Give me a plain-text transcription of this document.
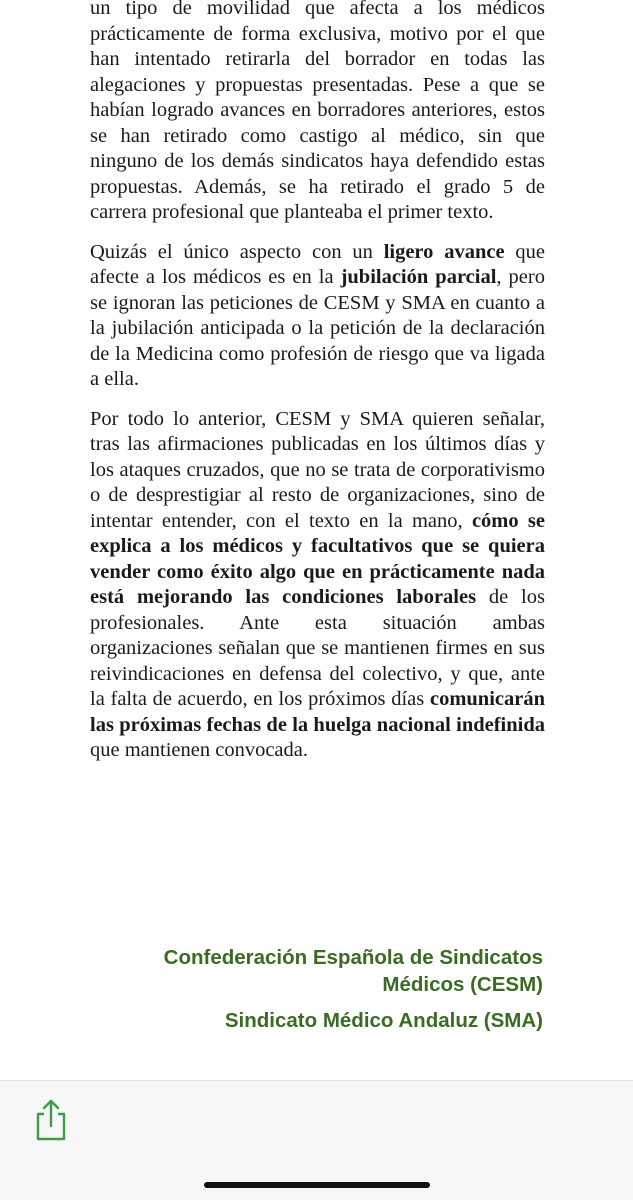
un tipo de movilidad que afecta a los médicos prácticamente de forma exclusiva, motivo por el que han intentado retirarla del borrador en todas las alegaciones y propuestas presentadas. Pese a que se habían logrado avances en borradores anteriores, estos se han retirado como castigo al médico, sin que ninguno de los demás sindicatos haya defendido estas propuestas. Además, se ha retirado el grado 5 de carrera profesional que planteaba el primer texto.

Quizás el único aspecto con un ligero avance que afecte a los médicos es en la jubilación parcial, pero se ignoran las peticiones de CESM y SMA en cuanto a la jubilación anticipada o la petición de la declaración de la Medicina como profesión de riesgo que va ligada a ella.

Por todo lo anterior, CESM y SMA quieren señalar, tras las afirmaciones publicadas en los últimos días y los ataques cruzados, que no se trata de corporativismo o de desprestigiar al resto de organizaciones, sino de intentar entender, con el texto en la mano, cómo se explica a los médicos y facultativos que se quiera vender como éxito algo que en prácticamente nada está mejorando las condiciones laborales de los profesionales. Ante esta situación ambas organizaciones señalan que se mantienen firmes en sus reivindicaciones en defensa del colectivo, y que, ante la falta de acuerdo, en los próximos días comunicarán las próximas fechas de la huelga nacional indefinida que mantienen convocada.

Confederación Española de Sindicatos
Médicos (CESM)
Sindicato Médico Andaluz (SMA)
